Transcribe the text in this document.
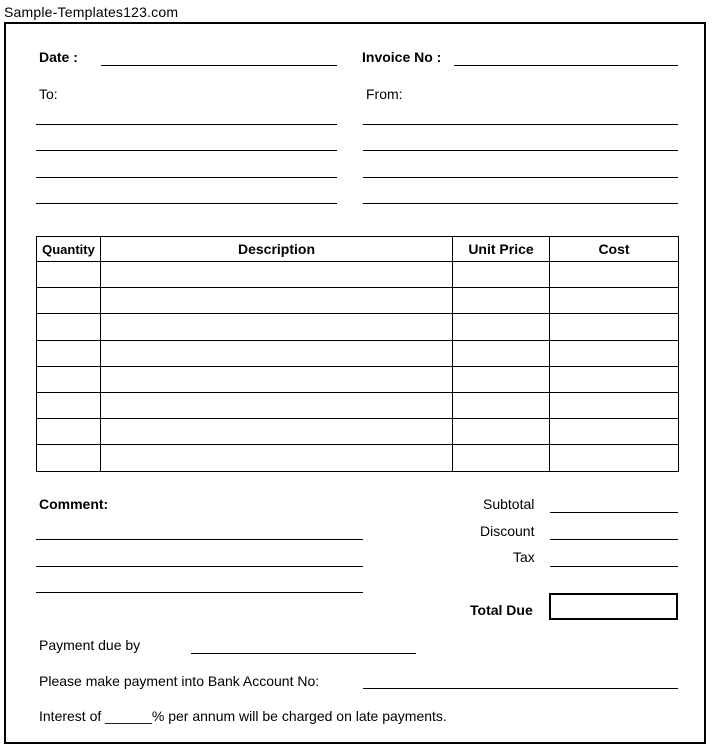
Sample-Templates123.com
Date :	Invoice No :
To:	From:
Quantity	Description	Unit Price	Cost

Comment:	Subtotal
Discount
Tax
Total Due
Payment due by
Please make payment into Bank Account No:
Interest of ______% per annum will be charged on late payments.
